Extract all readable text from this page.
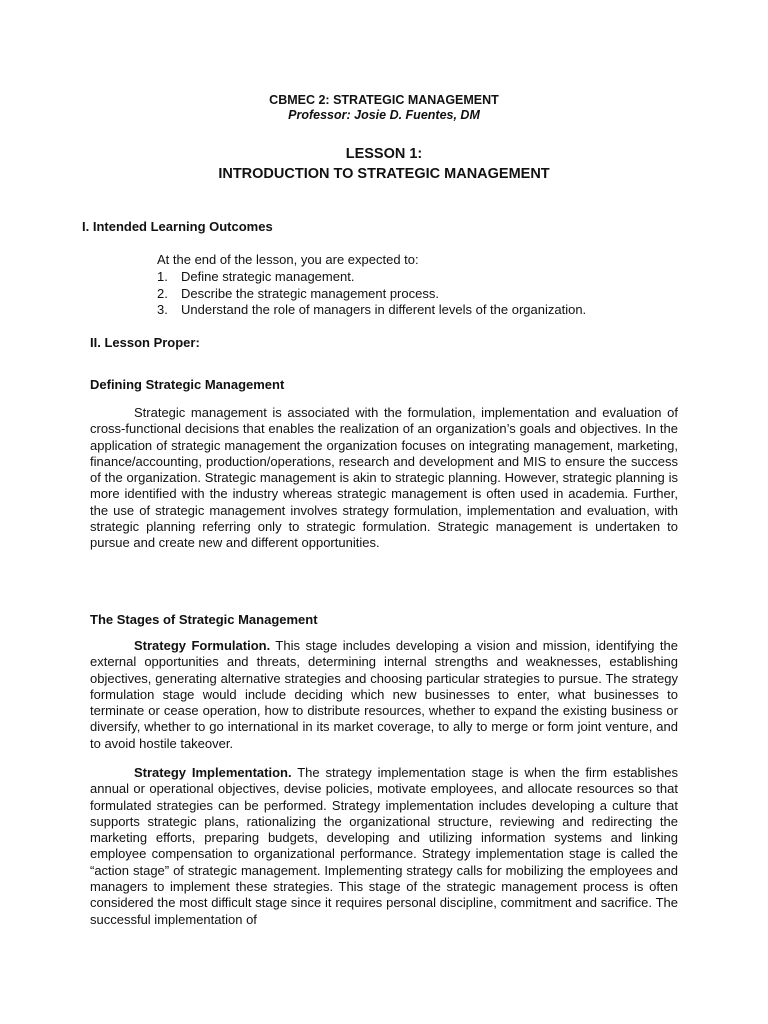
CBMEC 2: STRATEGIC MANAGEMENT
Professor: Josie D. Fuentes, DM
LESSON 1:
INTRODUCTION TO STRATEGIC MANAGEMENT
I. Intended Learning Outcomes
At the end of the lesson, you are expected to:
1.	Define strategic management.
2.	Describe the strategic management process.
3.	Understand the role of managers in different levels of the organization.
II. Lesson Proper:
Defining Strategic Management

Strategic management is associated with the formulation, implementation and evaluation of cross-functional decisions that enables the realization of an organization’s goals and objectives. In the application of strategic management the organization focuses on integrating management, marketing, finance/accounting, production/operations, research and development and MIS to ensure the success of the organization. Strategic management is akin to strategic planning. However, strategic planning is more identified with the industry whereas strategic management is often used in academia. Further, the use of strategic management involves strategy formulation, implementation and evaluation, with strategic planning referring only to strategic formulation. Strategic management is undertaken to pursue and create new and different opportunities.

The Stages of Strategic Management

Strategy Formulation. This stage includes developing a vision and mission, identifying the external opportunities and threats, determining internal strengths and weaknesses, establishing objectives, generating alternative strategies and choosing particular strategies to pursue. The strategy formulation stage would include deciding which new businesses to enter, what businesses to terminate or cease operation, how to distribute resources, whether to expand the existing business or diversify, whether to go international in its market coverage, to ally to merge or form joint venture, and to avoid hostile takeover.

Strategy Implementation. The strategy implementation stage is when the firm establishes annual or operational objectives, devise policies, motivate employees, and allocate resources so that formulated strategies can be performed. Strategy implementation includes developing a culture that supports strategic plans, rationalizing the organizational structure, reviewing and redirecting the marketing efforts, preparing budgets, developing and utilizing information systems and linking employee compensation to organizational performance. Strategy implementation stage is called the “action stage” of strategic management. Implementing strategy calls for mobilizing the employees and managers to implement these strategies. This stage of the strategic management process is often considered the most difficult stage since it requires personal discipline, commitment and sacrifice. The successful implementation of
